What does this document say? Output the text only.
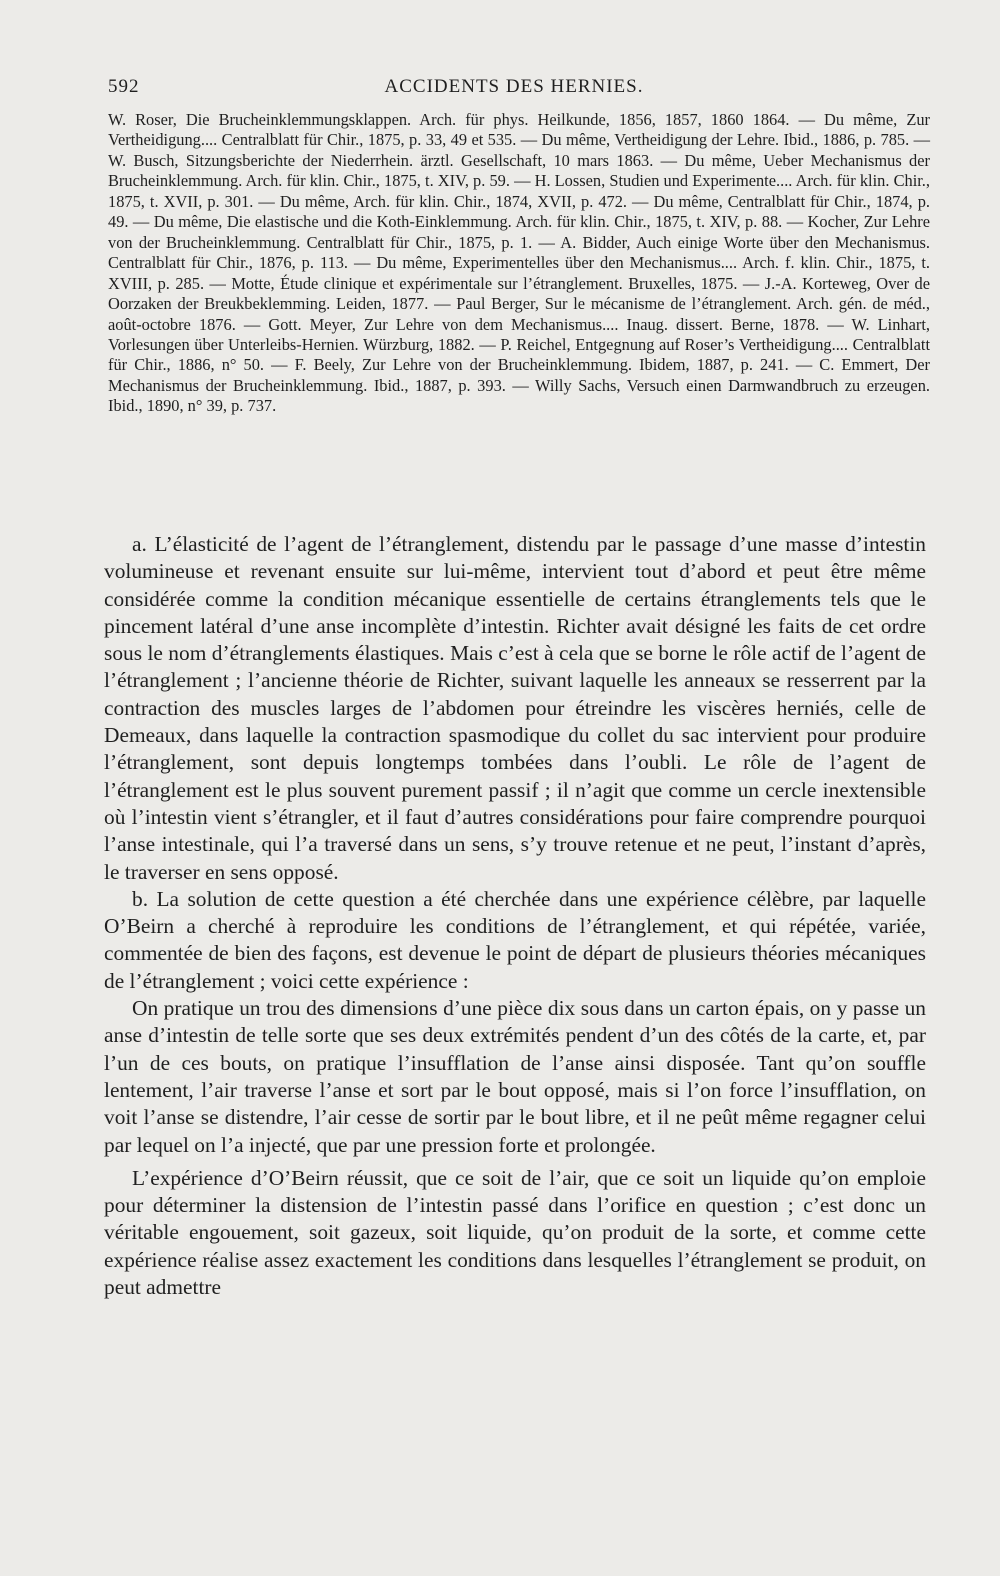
592	ACCIDENTS DES HERNIES.

W. Roser, Die Brucheinklemmungsklappen. Arch. für phys. Heilkunde, 1856, 1857, 1860 1864. — Du même, Zur Vertheidigung.... Centralblatt für Chir., 1875, p. 33, 49 et 535. — Du même, Vertheidigung der Lehre. Ibid., 1886, p. 785. — W. Busch, Sitzungsberichte der Niederrhein. ärztl. Gesellschaft, 10 mars 1863. — Du même, Ueber Mechanismus der Brucheinklemmung. Arch. für klin. Chir., 1875, t. XIV, p. 59. — H. Lossen, Studien und Experimente.... Arch. für klin. Chir., 1875, t. XVII, p. 301. — Du même, Arch. für klin. Chir., 1874, XVII, p. 472. — Du même, Centralblatt für Chir., 1874, p. 49. — Du même, Die elastische und die Koth-Einklemmung. Arch. für klin. Chir., 1875, t. XIV, p. 88. — Kocher, Zur Lehre von der Brucheinklemmung. Centralblatt für Chir., 1875, p. 1. — A. Bidder, Auch einige Worte über den Mechanismus. Centralblatt für Chir., 1876, p. 113. — Du même, Experimentelles über den Mechanismus.... Arch. f. klin. Chir., 1875, t. XVIII, p. 285. — Motte, Étude clinique et expérimentale sur l’étranglement. Bruxelles, 1875. — J.-A. Korteweg, Over de Oorzaken der Breukbeklemming. Leiden, 1877. — Paul Berger, Sur le mécanisme de l’étranglement. Arch. gén. de méd., août-octobre 1876. — Gott. Meyer, Zur Lehre von dem Mechanismus.... Inaug. dissert. Berne, 1878. — W. Linhart, Vorlesungen über Unterleibs-Hernien. Würzburg, 1882. — P. Reichel, Entgegnung auf Roser’s Vertheidigung.... Centralblatt für Chir., 1886, n° 50. — F. Beely, Zur Lehre von der Brucheinklemmung. Ibidem, 1887, p. 241. — C. Emmert, Der Mechanismus der Brucheinklemmung. Ibid., 1887, p. 393. — Willy Sachs, Versuch einen Darmwandbruch zu erzeugen. Ibid., 1890, n° 39, p. 737.

a. L’élasticité de l’agent de l’étranglement, distendu par le passage d’une masse d’intestin volumineuse et revenant ensuite sur lui-même, intervient tout d’abord et peut être même considérée comme la condition mécanique essentielle de certains étranglements tels que le pincement latéral d’une anse incomplète d’intestin. Richter avait désigné les faits de cet ordre sous le nom d’étranglements élastiques. Mais c’est à cela que se borne le rôle actif de l’agent de l’étranglement ; l’ancienne théorie de Richter, suivant laquelle les anneaux se resserrent par la contraction des muscles larges de l’abdomen pour étreindre les viscères herniés, celle de Demeaux, dans laquelle la contraction spasmodique du collet du sac intervient pour produire l’étranglement, sont depuis longtemps tombées dans l’oubli. Le rôle de l’agent de l’étranglement est le plus souvent purement passif ; il n’agit que comme un cercle inextensible où l’intestin vient s’étrangler, et il faut d’autres considérations pour faire comprendre pourquoi l’anse intestinale, qui l’a traversé dans un sens, s’y trouve retenue et ne peut, l’instant d’après, le traverser en sens opposé.

b. La solution de cette question a été cherchée dans une expérience célèbre, par laquelle O’Beirn a cherché à reproduire les conditions de l’étranglement, et qui répétée, variée, commentée de bien des façons, est devenue le point de départ de plusieurs théories mécaniques de l’étranglement ; voici cette expérience :

On pratique un trou des dimensions d’une pièce dix sous dans un carton épais, on y passe un anse d’intestin de telle sorte que ses deux extrémités pendent d’un des côtés de la carte, et, par l’un de ces bouts, on pratique l’insufflation de l’anse ainsi disposée. Tant qu’on souffle lentement, l’air traverse l’anse et sort par le bout opposé, mais si l’on force l’insufflation, on voit l’anse se distendre, l’air cesse de sortir par le bout libre, et il ne peût même regagner celui par lequel on l’a injecté, que par une pression forte et prolongée.

L’expérience d’O’Beirn réussit, que ce soit de l’air, que ce soit un liquide qu’on emploie pour déterminer la distension de l’intestin passé dans l’orifice en question ; c’est donc un véritable engouement, soit gazeux, soit liquide, qu’on produit de la sorte, et comme cette expérience réalise assez exactement les conditions dans lesquelles l’étranglement se produit, on peut admettre
